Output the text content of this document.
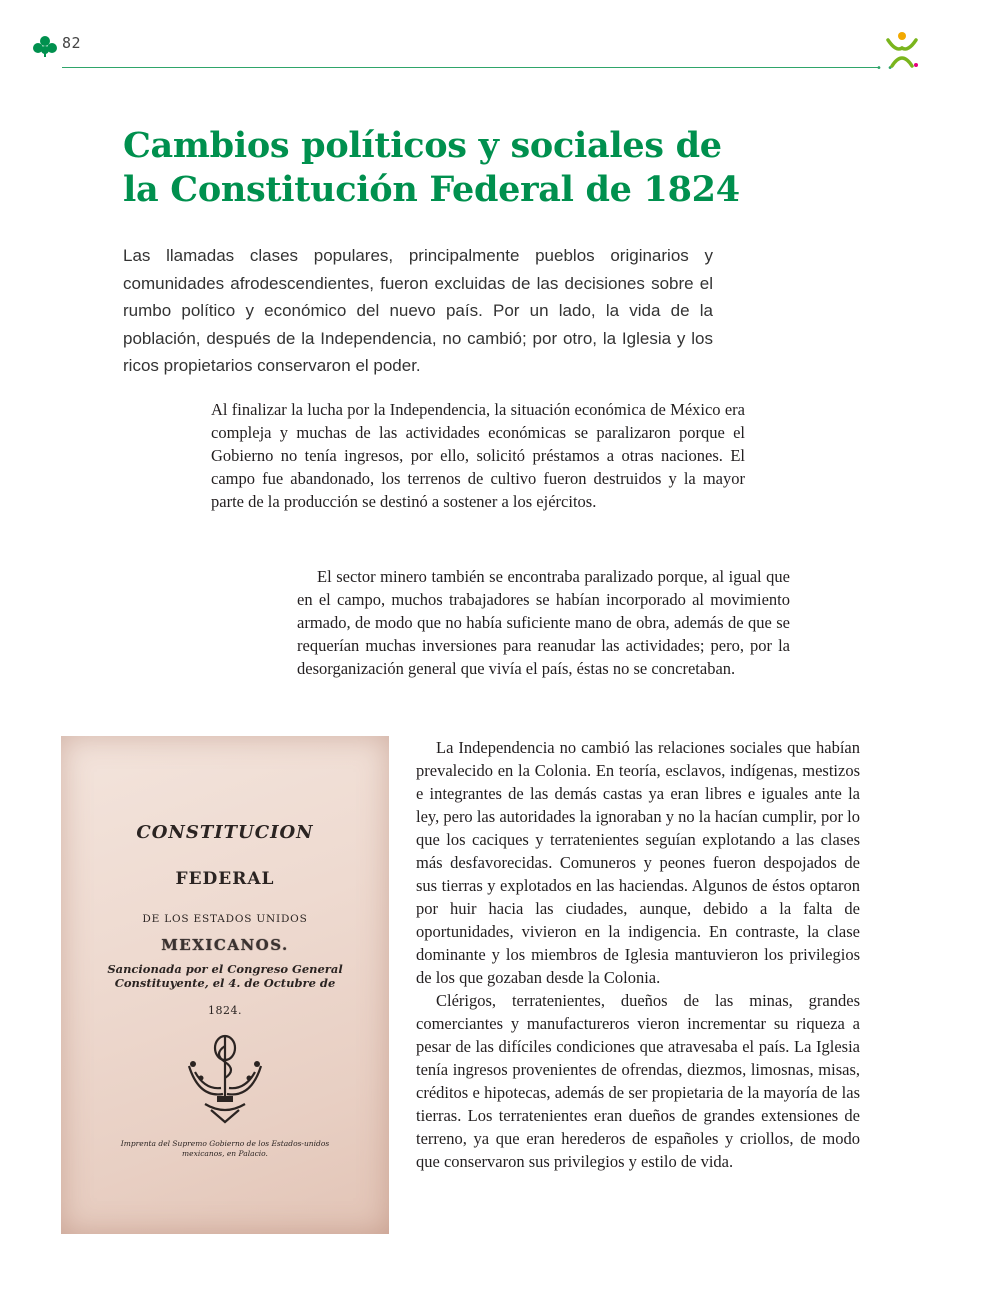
82
• •
Cambios políticos y sociales de
la Constitución Federal de 1824
Las llamadas clases populares, principalmente pueblos originarios y comunidades afrodescendientes, fueron excluidas de las decisiones sobre el rumbo político y económico del nuevo país. Por un lado, la vida de la población, después de la Independencia, no cambió; por otro, la Iglesia y los ricos propietarios conservaron el poder.

Al finalizar la lucha por la Independencia, la situación económica de México era compleja y muchas de las actividades económicas se paralizaron porque el Gobierno no tenía ingresos, por ello, solicitó préstamos a otras naciones. El campo fue abandonado, los terrenos de cultivo fueron destruidos y la mayor parte de la producción se destinó a sostener a los ejércitos.

El sector minero también se encontraba paralizado porque, al igual que en el campo, muchos trabajadores se habían incorporado al movimiento armado, de modo que no había suficiente mano de obra, además de que se requerían muchas inversiones para reanudar las actividades; pero, por la desorganización general que vivía el país, éstas no se concretaban.

CONSTITUCION
FEDERAL
DE LOS ESTADOS UNIDOS
MEXICANOS.
Sancionada por el Congreso General Constituyente, el 4. de Octubre de
1824.
Imprenta del Supremo Gobierno de los Estados-unidos mexicanos, en Palacio.

La Independencia no cambió las relaciones sociales que habían prevalecido en la Colonia. En teoría, esclavos, indígenas, mestizos e integrantes de las demás castas ya eran libres e iguales ante la ley, pero las autoridades la ignoraban y no la hacían cumplir, por lo que los caciques y terratenientes seguían explotando a las clases más desfavorecidas. Comuneros y peones fueron despojados de sus tierras y explotados en las haciendas. Algunos de éstos optaron por huir hacia las ciudades, aunque, debido a la falta de oportunidades, vivieron en la indigencia. En contraste, la clase dominante y los miembros de Iglesia mantuvieron los privilegios de los que gozaban desde la Colonia.

Clérigos, terratenientes, dueños de las minas, grandes comerciantes y manufactureros vieron incrementar su riqueza a pesar de las difíciles condiciones que atravesaba el país. La Iglesia tenía ingresos provenientes de ofrendas, diezmos, limosnas, misas, créditos e hipotecas, además de ser propietaria de la mayoría de las tierras. Los terratenientes eran dueños de grandes extensiones de terreno, ya que eran herederos de españoles y criollos, de modo que conservaron sus privilegios y estilo de vida.
